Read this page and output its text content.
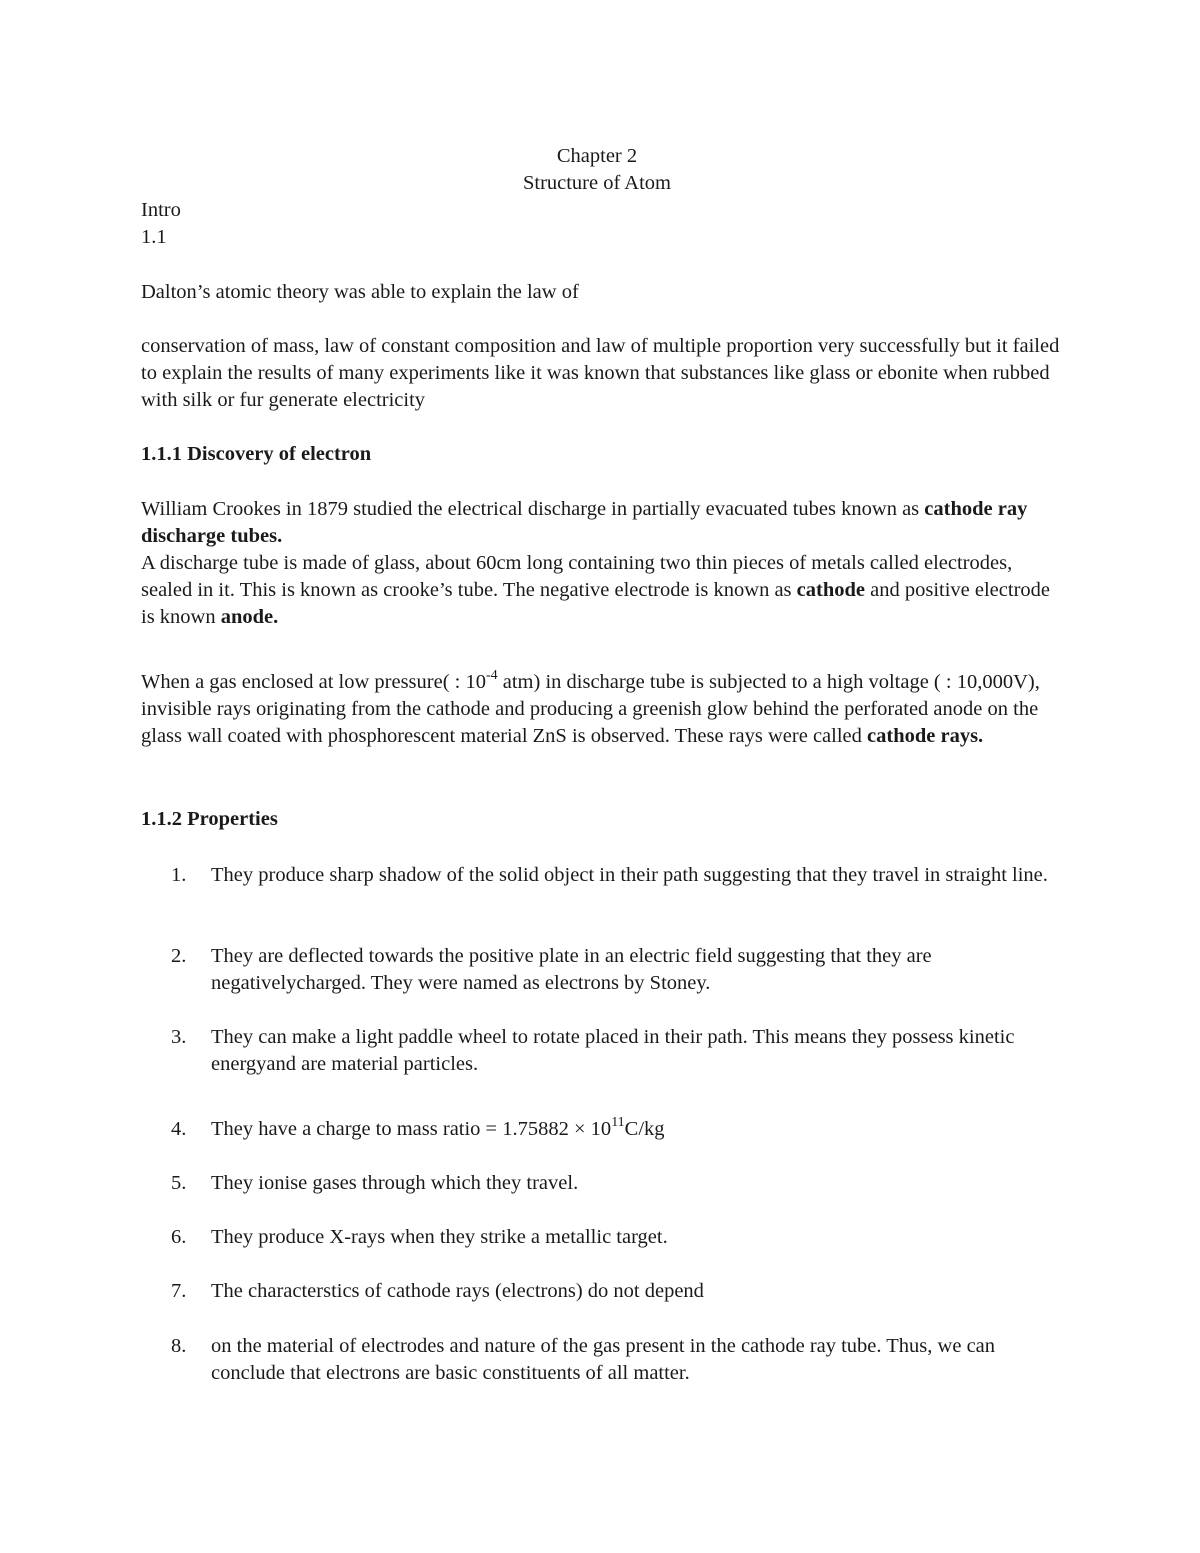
Chapter 2

Structure of Atom

Intro

1.1

Dalton’s atomic theory was able to explain the law of

conservation of mass, law of constant composition and law of multiple proportion very successfully but it failed to explain the results of many experiments like it was known that substances like glass or ebonite when rubbed with silk or fur generate electricity

1.1.1 Discovery of electron

William Crookes in 1879 studied the electrical discharge in partially evacuated tubes known as cathode ray discharge tubes.

A discharge tube is made of glass, about 60cm long containing two thin pieces of metals called electrodes, sealed in it. This is known as crooke’s tube. The negative electrode is known as cathode and positive electrode is known anode.

When a gas enclosed at low pressure( : $10^{-4}$ atm) in discharge tube is subjected to a high voltage ( : 10,000V), invisible rays originating from the cathode and producing a greenish glow behind the perforated anode on the glass wall coated with phosphorescent material ZnS is observed. These rays were called cathode rays.

1.1.2 Properties

1. They produce sharp shadow of the solid object in their path suggesting that they travel in straight line.
2. They are deflected towards the positive plate in an electric field suggesting that they are negativelycharged. They were named as electrons by Stoney.
3. They can make a light paddle wheel to rotate placed in their path. This means they possess kinetic energyand are material particles.
4. They have a charge to mass ratio = $1.75882 \times 10^{11}C/kg$
5. They ionise gases through which they travel.
6. They produce X-rays when they strike a metallic target.
7. The characterstics of cathode rays (electrons) do not depend
8. on the material of electrodes and nature of the gas present in the cathode ray tube. Thus, we can conclude that electrons are basic constituents of all matter.
